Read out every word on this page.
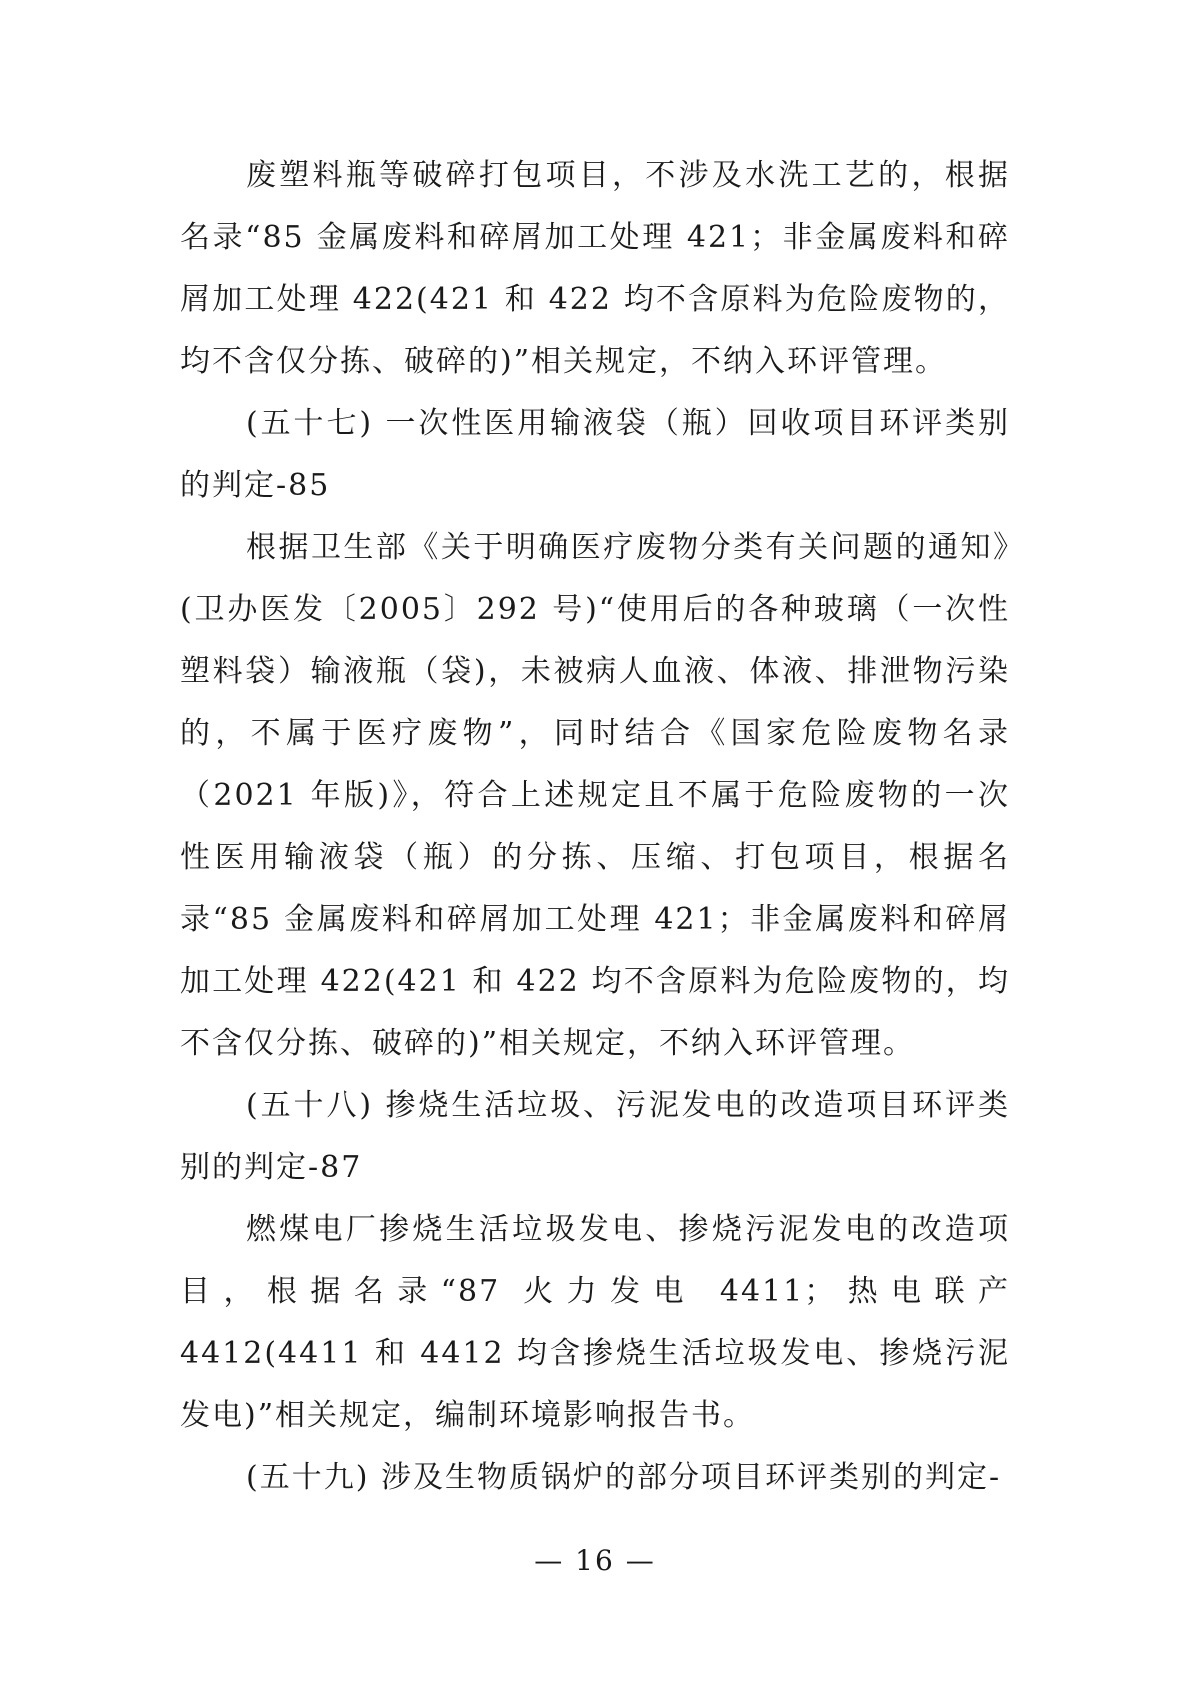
废塑料瓶等破碎打包项目，不涉及水洗工艺的，根据名录“85 金属废料和碎屑加工处理 421；非金属废料和碎屑加工处理 422(421 和 422 均不含原料为危险废物的，均不含仅分拣、破碎的)”相关规定，不纳入环评管理。

(五十七) 一次性医用输液袋（瓶）回收项目环评类别的判定-85

根据卫生部《关于明确医疗废物分类有关问题的通知》(卫办医发〔2005〕292 号)“使用后的各种玻璃（一次性塑料袋）输液瓶（袋)，未被病人血液、体液、排泄物污染的，不属于医疗废物”，同时结合《国家危险废物名录（2021 年版)》，符合上述规定且不属于危险废物的一次性医用输液袋（瓶）的分拣、压缩、打包项目，根据名录“85 金属废料和碎屑加工处理 421；非金属废料和碎屑加工处理 422(421 和 422 均不含原料为危险废物的，均不含仅分拣、破碎的)”相关规定，不纳入环评管理。

(五十八) 掺烧生活垃圾、污泥发电的改造项目环评类别的判定-87

燃煤电厂掺烧生活垃圾发电、掺烧污泥发电的改造项目，根据名录“87 火力发电 4411；热电联产 4412(4411 和 4412 均含掺烧生活垃圾发电、掺烧污泥发电)”相关规定，编制环境影响报告书。

(五十九) 涉及生物质锅炉的部分项目环评类别的判定-

— 16 —
